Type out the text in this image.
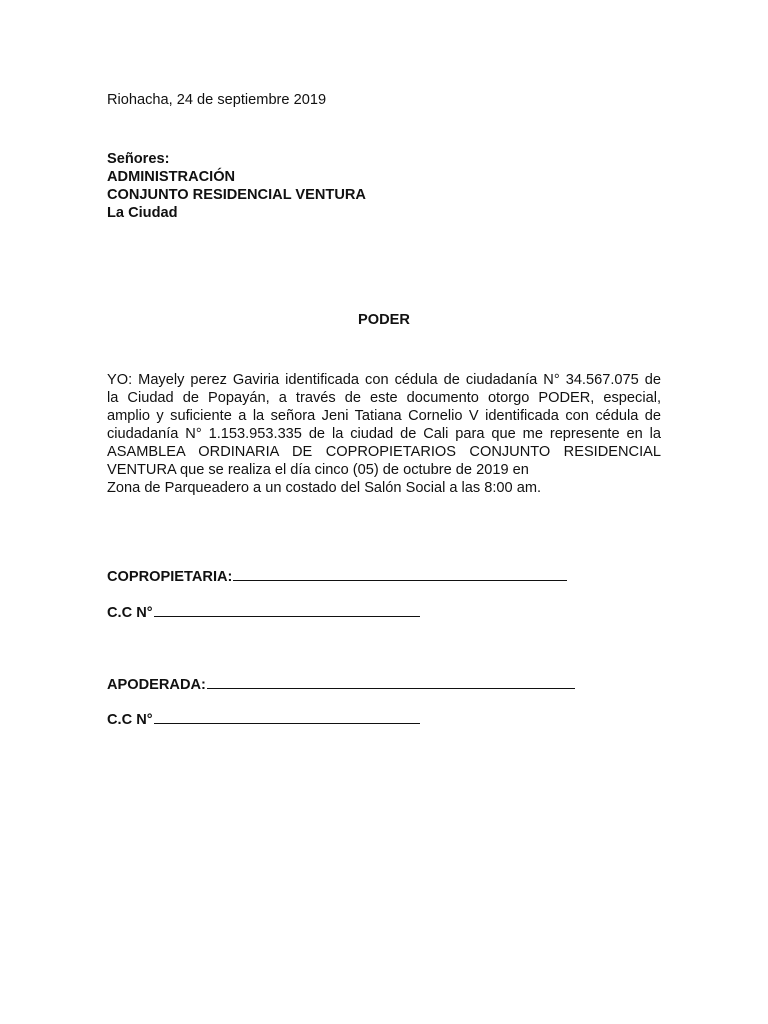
Riohacha, 24 de septiembre 2019
Señores:
ADMINISTRACIÓN
CONJUNTO RESIDENCIAL VENTURA
La Ciudad
PODER
YO: Mayely perez Gaviria identificada con cédula de ciudadanía N° 34.567.075 de
la Ciudad de Popayán, a través de este documento otorgo PODER, especial,
amplio y suficiente a la señora Jeni Tatiana Cornelio V identificada con cédula de
ciudadanía N° 1.153.953.335 de la ciudad de Cali para que me represente en la
ASAMBLEA ORDINARIA DE COPROPIETARIOS CONJUNTO RESIDENCIAL
VENTURA que se realiza el día cinco (05) de octubre de 2019 en
Zona de Parqueadero a un costado del Salón Social a las 8:00 am.
COPROPIETARIA:
C.C N°
APODERADA:
C.C N°
